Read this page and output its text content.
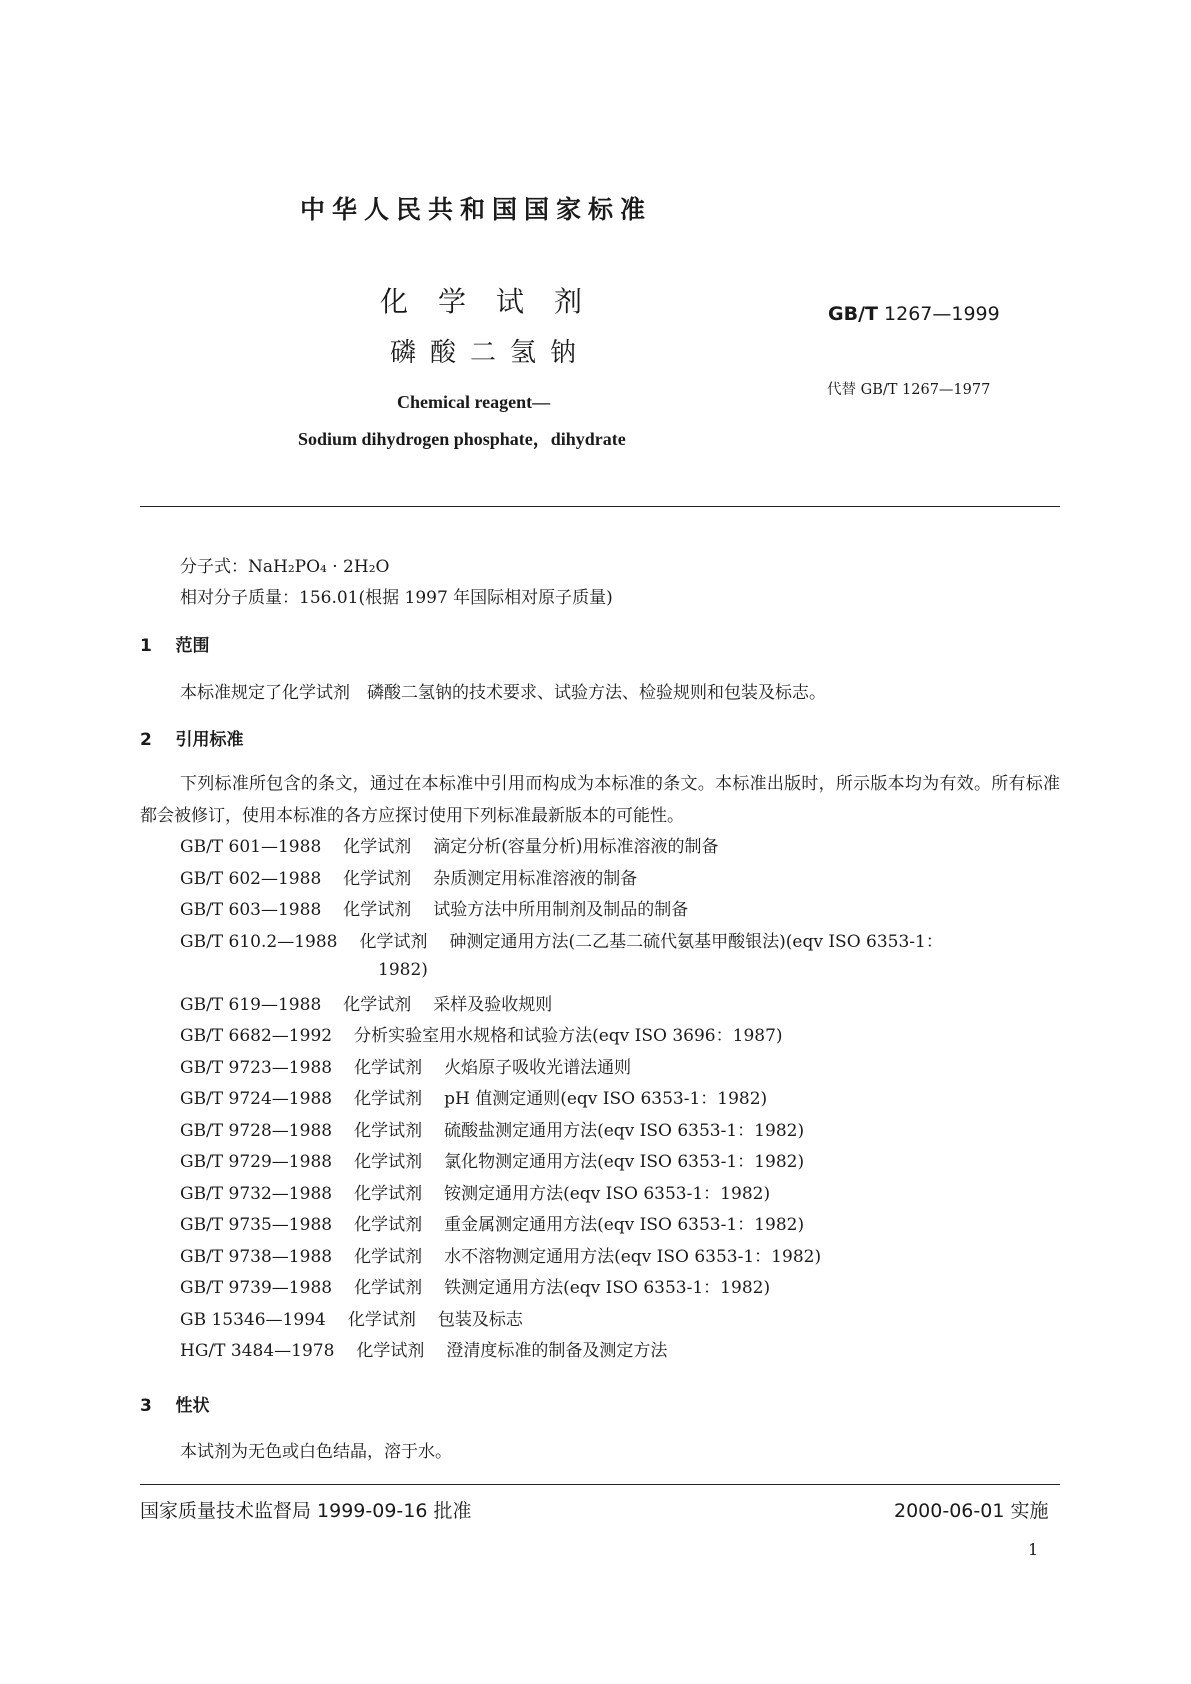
中华人民共和国国家标准
化学试剂
磷酸二氢钠
GB/T 1267—1999
代替 GB/T 1267—1977
Chemical reagent—
Sodium dihydrogen phosphate，dihydrate
分子式：NaH₂PO₄ · 2H₂O
相对分子质量：156.01(根据 1997 年国际相对原子质量)
1 范围
本标准规定了化学试剂　磷酸二氢钠的技术要求、试验方法、检验规则和包装及标志。
2 引用标准
下列标准所包含的条文，通过在本标准中引用而构成为本标准的条文。本标准出版时，所示版本均为有效。所有标准都会被修订，使用本标准的各方应探讨使用下列标准最新版本的可能性。
GB/T 601—1988 化学试剂 滴定分析(容量分析)用标准溶液的制备
GB/T 602—1988 化学试剂 杂质测定用标准溶液的制备
GB/T 603—1988 化学试剂 试验方法中所用制剂及制品的制备
GB/T 610.2—1988 化学试剂 砷测定通用方法(二乙基二硫代氨基甲酸银法)(eqv ISO 6353-1：
1982)
GB/T 619—1988 化学试剂 采样及验收规则
GB/T 6682—1992 分析实验室用水规格和试验方法(eqv ISO 3696：1987)
GB/T 9723—1988 化学试剂 火焰原子吸收光谱法通则
GB/T 9724—1988 化学试剂 pH 值测定通则(eqv ISO 6353-1：1982)
GB/T 9728—1988 化学试剂 硫酸盐测定通用方法(eqv ISO 6353-1：1982)
GB/T 9729—1988 化学试剂 氯化物测定通用方法(eqv ISO 6353-1：1982)
GB/T 9732—1988 化学试剂 铵测定通用方法(eqv ISO 6353-1：1982)
GB/T 9735—1988 化学试剂 重金属测定通用方法(eqv ISO 6353-1：1982)
GB/T 9738—1988 化学试剂 水不溶物测定通用方法(eqv ISO 6353-1：1982)
GB/T 9739—1988 化学试剂 铁测定通用方法(eqv ISO 6353-1：1982)
GB 15346—1994 化学试剂 包装及标志
HG/T 3484—1978 化学试剂 澄清度标准的制备及测定方法
3 性状
本试剂为无色或白色结晶，溶于水。
国家质量技术监督局 1999-09-16 批准	2000-06-01 实施
1
